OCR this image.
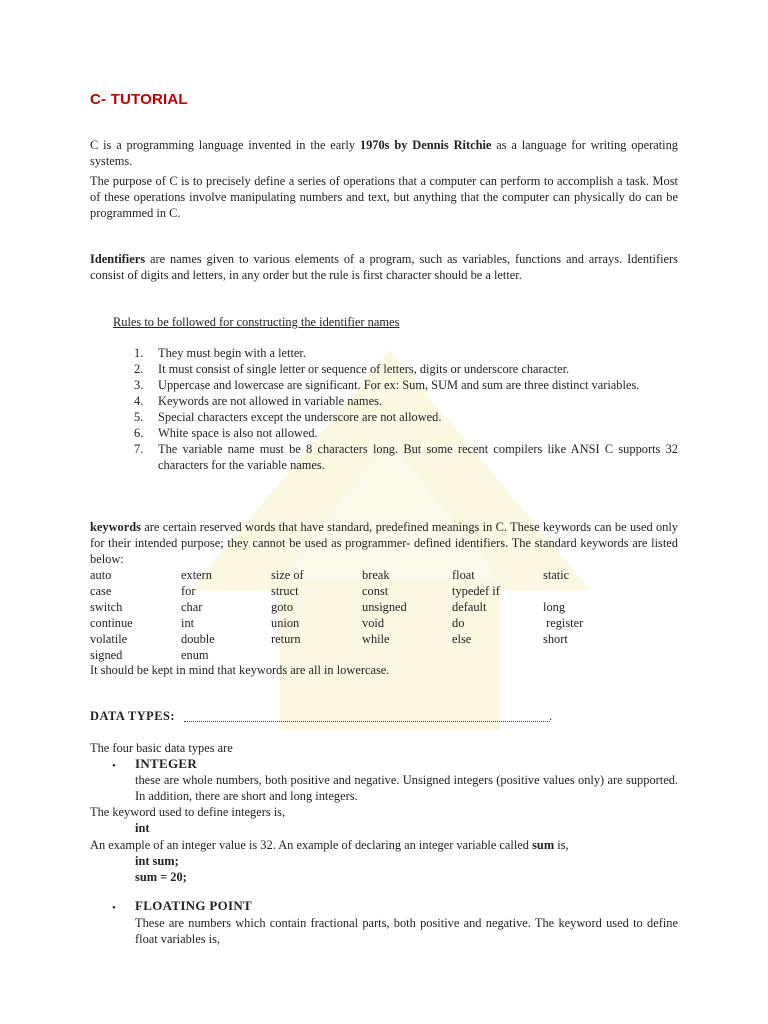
C- TUTORIAL

C is a programming language invented in the early 1970s by Dennis Ritchie as a language for writing operating systems.

The purpose of C is to precisely define a series of operations that a computer can perform to accomplish a task. Most of these operations involve manipulating numbers and text, but anything that the computer can physically do can be programmed in C.

Identifiers are names given to various elements of a program, such as variables, functions and arrays. Identifiers consist of digits and letters, in any order but the rule is first character should be a letter.

Rules to be followed for constructing the identifier names
1.	They must begin with a letter.
2.	It must consist of single letter or sequence of letters, digits or underscore character.
3.	Uppercase and lowercase are significant. For ex: Sum, SUM and sum are three distinct variables.
4.	Keywords are not allowed in variable names.
5.	Special characters except the underscore are not allowed.
6.	White space is also not allowed.
7.	The variable name must be 8 characters long. But some recent compilers like ANSI C supports 32 characters for the variable names.

keywords are certain reserved words that have standard, predefined meanings in C. These keywords can be used only for their intended purpose; they cannot be used as programmer- defined identifiers. The standard keywords are listed below:

auto	extern	size of	break	float	static
case	for	struct	const	typedef if	
switch	char	goto	unsigned	default	long
continue	int	union	void	do	register
volatile	double	return	while	else	short
signed	enum				
It should be kept in mind that keywords are all in lowercase.
DATA TYPES:	.
The four basic data types are
• INTEGER

these are whole numbers, both positive and negative. Unsigned integers (positive values only) are supported. In addition, there are short and long integers.

The keyword used to define integers is,
int
An example of an integer value is 32. An example of declaring an integer variable called sum is,
int sum;
sum = 20;
• FLOATING POINT

These are numbers which contain fractional parts, both positive and negative. The keyword used to define float variables is,
